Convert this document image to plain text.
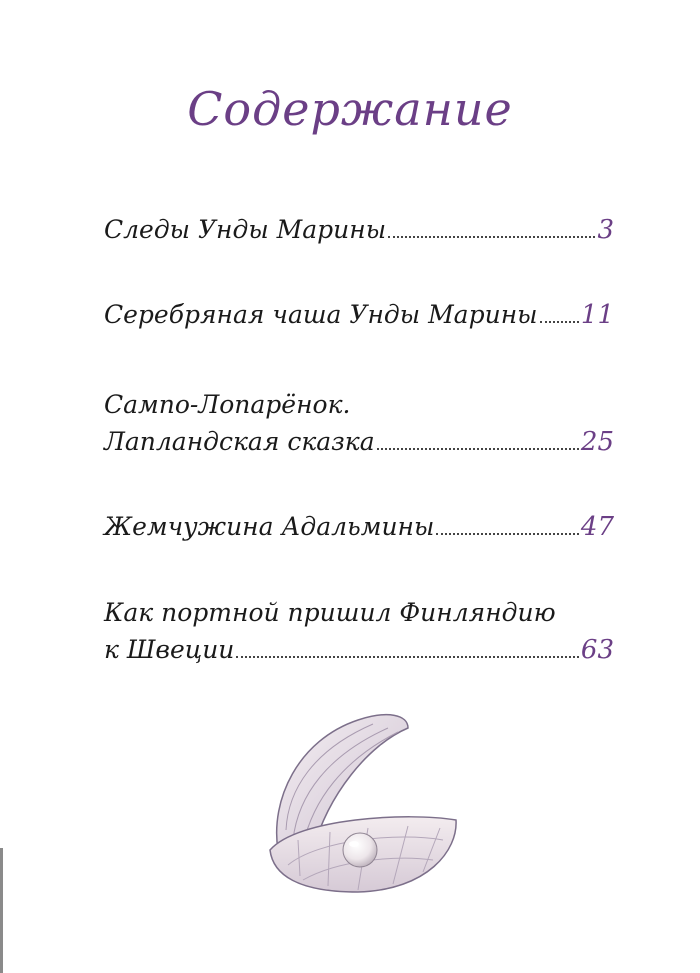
Содержание
Следы Унды Марины	3
Серебряная чаша Унды Марины 11
Сампо-Лопарёнок.
Лапландская сказка	25
Жемчужина Адальмины	47
Как портной пришил Финляндию
к Швеции	63
